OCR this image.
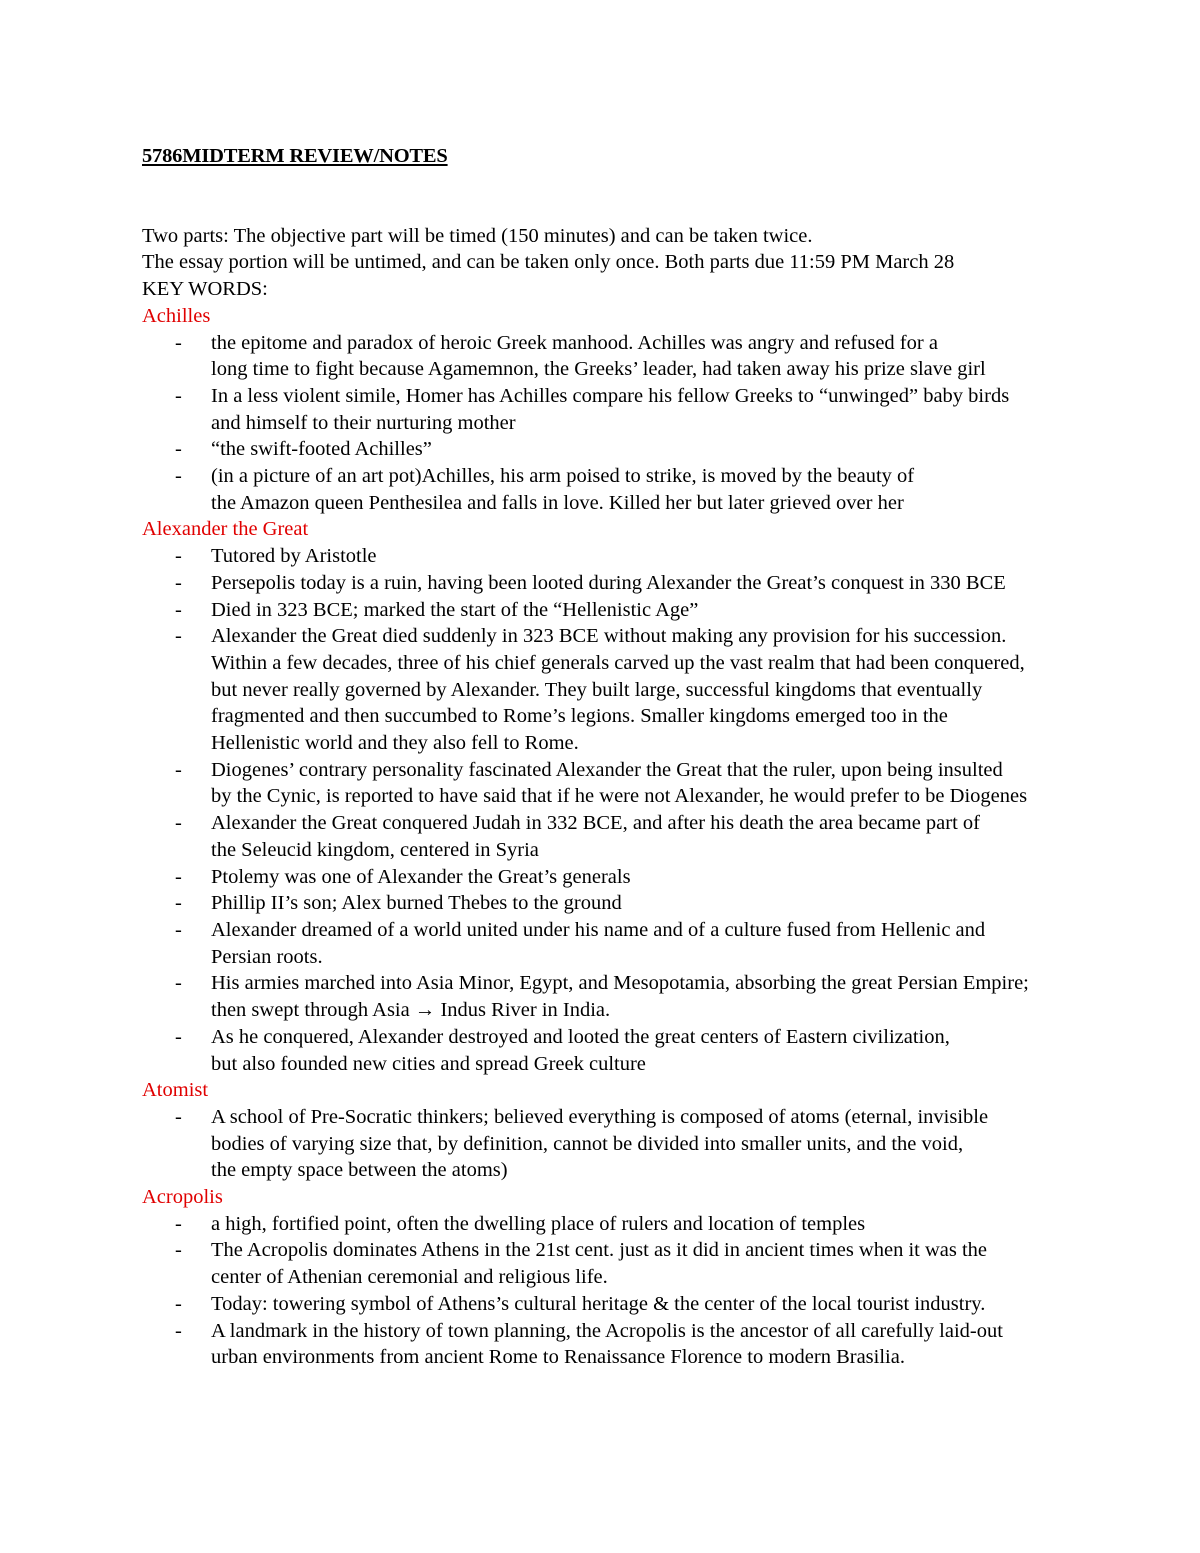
5786MIDTERM REVIEW/NOTES

Two parts: The objective part will be timed (150 minutes) and can be taken twice.

The essay portion will be untimed, and can be taken only once. Both parts due 11:59 PM March 28

KEY WORDS:

Achilles

- the epitome and paradox of heroic Greek manhood. Achilles was angry and refused for a
long time to fight because Agamemnon, the Greeks’ leader, had taken away his prize slave girl
- In a less violent simile, Homer has Achilles compare his fellow Greeks to “unwinged” baby birds
and himself to their nurturing mother
- “the swift-footed Achilles”
- (in a picture of an art pot)Achilles, his arm poised to strike, is moved by the beauty of
the Amazon queen Penthesilea and falls in love. Killed her but later grieved over her

Alexander the Great

- Tutored by Aristotle
- Persepolis today is a ruin, having been looted during Alexander the Great’s conquest in 330 BCE
- Died in 323 BCE; marked the start of the “Hellenistic Age”
- Alexander the Great died suddenly in 323 BCE without making any provision for his succession.
Within a few decades, three of his chief generals carved up the vast realm that had been conquered,
but never really governed by Alexander. They built large, successful kingdoms that eventually
fragmented and then succumbed to Rome’s legions. Smaller kingdoms emerged too in the
Hellenistic world and they also fell to Rome.
- Diogenes’ contrary personality fascinated Alexander the Great that the ruler, upon being insulted
by the Cynic, is reported to have said that if he were not Alexander, he would prefer to be Diogenes
- Alexander the Great conquered Judah in 332 BCE, and after his death the area became part of
the Seleucid kingdom, centered in Syria
- Ptolemy was one of Alexander the Great’s generals
- Phillip II’s son; Alex burned Thebes to the ground
- Alexander dreamed of a world united under his name and of a culture fused from Hellenic and
Persian roots.
- His armies marched into Asia Minor, Egypt, and Mesopotamia, absorbing the great Persian Empire;
then swept through Asia → Indus River in India.
- As he conquered, Alexander destroyed and looted the great centers of Eastern civilization,
but also founded new cities and spread Greek culture

Atomist

- A school of Pre-Socratic thinkers; believed everything is composed of atoms (eternal, invisible
bodies of varying size that, by definition, cannot be divided into smaller units, and the void,
the empty space between the atoms)

Acropolis

- a high, fortified point, often the dwelling place of rulers and location of temples
- The Acropolis dominates Athens in the 21st cent. just as it did in ancient times when it was the
center of Athenian ceremonial and religious life.
- Today: towering symbol of Athens’s cultural heritage & the center of the local tourist industry.
- A landmark in the history of town planning, the Acropolis is the ancestor of all carefully laid-out
urban environments from ancient Rome to Renaissance Florence to modern Brasilia.
